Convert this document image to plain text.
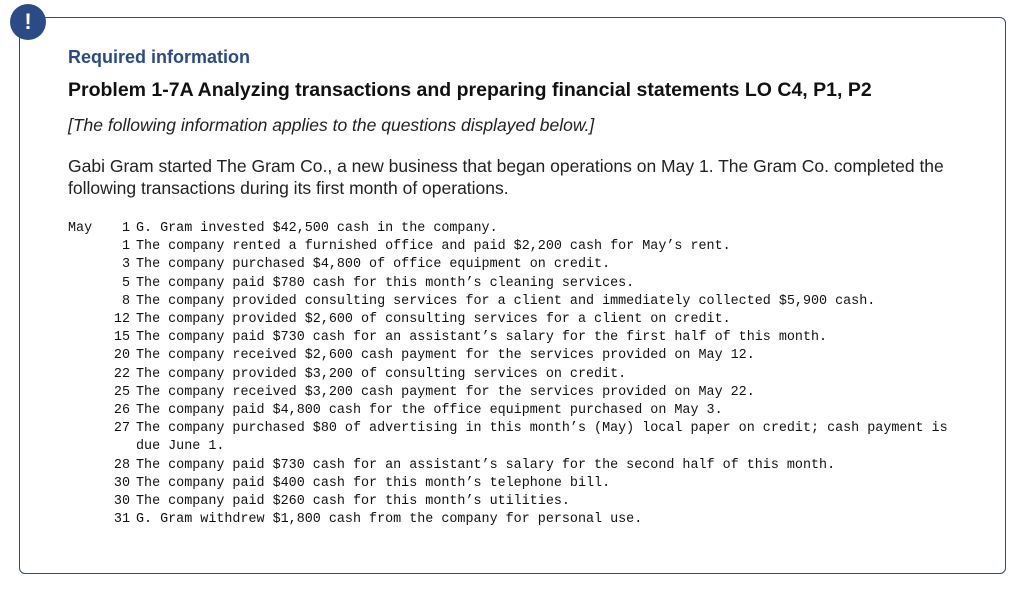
!
Required information
Problem 1-7A Analyzing transactions and preparing financial statements LO C4, P1, P2
[The following information applies to the questions displayed below.]
Gabi Gram started The Gram Co., a new business that began operations on May 1. The Gram Co. completed the following transactions during its first month of operations.
May	1 G. Gram invested $42,500 cash in the company.
1 The company rented a furnished office and paid $2,200 cash for May’s rent.
3 The company purchased $4,800 of office equipment on credit.
5 The company paid $780 cash for this month’s cleaning services.
8 The company provided consulting services for a client and immediately collected $5,900 cash.
12 The company provided $2,600 of consulting services for a client on credit.
15 The company paid $730 cash for an assistant’s salary for the first half of this month.
20 The company received $2,600 cash payment for the services provided on May 12.
22 The company provided $3,200 of consulting services on credit.
25 The company received $3,200 cash payment for the services provided on May 22.
26 The company paid $4,800 cash for the office equipment purchased on May 3.
27 The company purchased $80 of advertising in this month’s (May) local paper on credit; cash payment is due June 1.
28 The company paid $730 cash for an assistant’s salary for the second half of this month.
30 The company paid $400 cash for this month’s telephone bill.
30 The company paid $260 cash for this month’s utilities.
31 G. Gram withdrew $1,800 cash from the company for personal use.
